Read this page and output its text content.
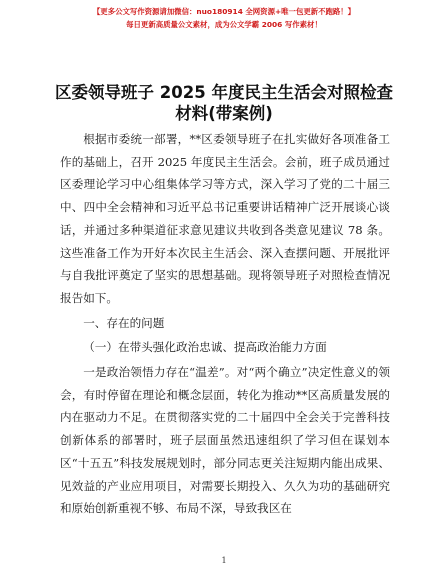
【更多公文写作资源请加微信：nuo180914 全网资源+唯一包更新不跑路！】
每日更新高质量公文素材，成为公文学霸 2006 写作素材！
区委领导班子 2025 年度民主生活会对照检查材料(带案例)

根据市委统一部署，**区委领导班子在扎实做好各项准备工作的基础上，召开 2025 年度民主生活会。会前，班子成员通过区委理论学习中心组集体学习等方式，深入学习了党的二十届三中、四中全会精神和习近平总书记重要讲话精神广泛开展谈心谈话，并通过多种渠道征求意见建议共收到各类意见建议 78 条。这些准备工作为开好本次民主生活会、深入查摆问题、开展批评与自我批评奠定了坚实的思想基础。现将领导班子对照检查情况报告如下。

一、存在的问题

（一）在带头强化政治忠诚、提高政治能力方面

一是政治领悟力存在“温差”。对“两个确立”决定性意义的领会，有时停留在理论和概念层面，转化为推动**区高质量发展的内在驱动力不足。在贯彻落实党的二十届四中全会关于完善科技创新体系的部署时，班子层面虽然迅速组织了学习但在谋划本区“十五五”科技发展规划时，部分同志更关注短期内能出成果、见效益的产业应用项目，对需要长期投入、久久为功的基础研究和原始创新重视不够、布局不深，导致我区在

1
